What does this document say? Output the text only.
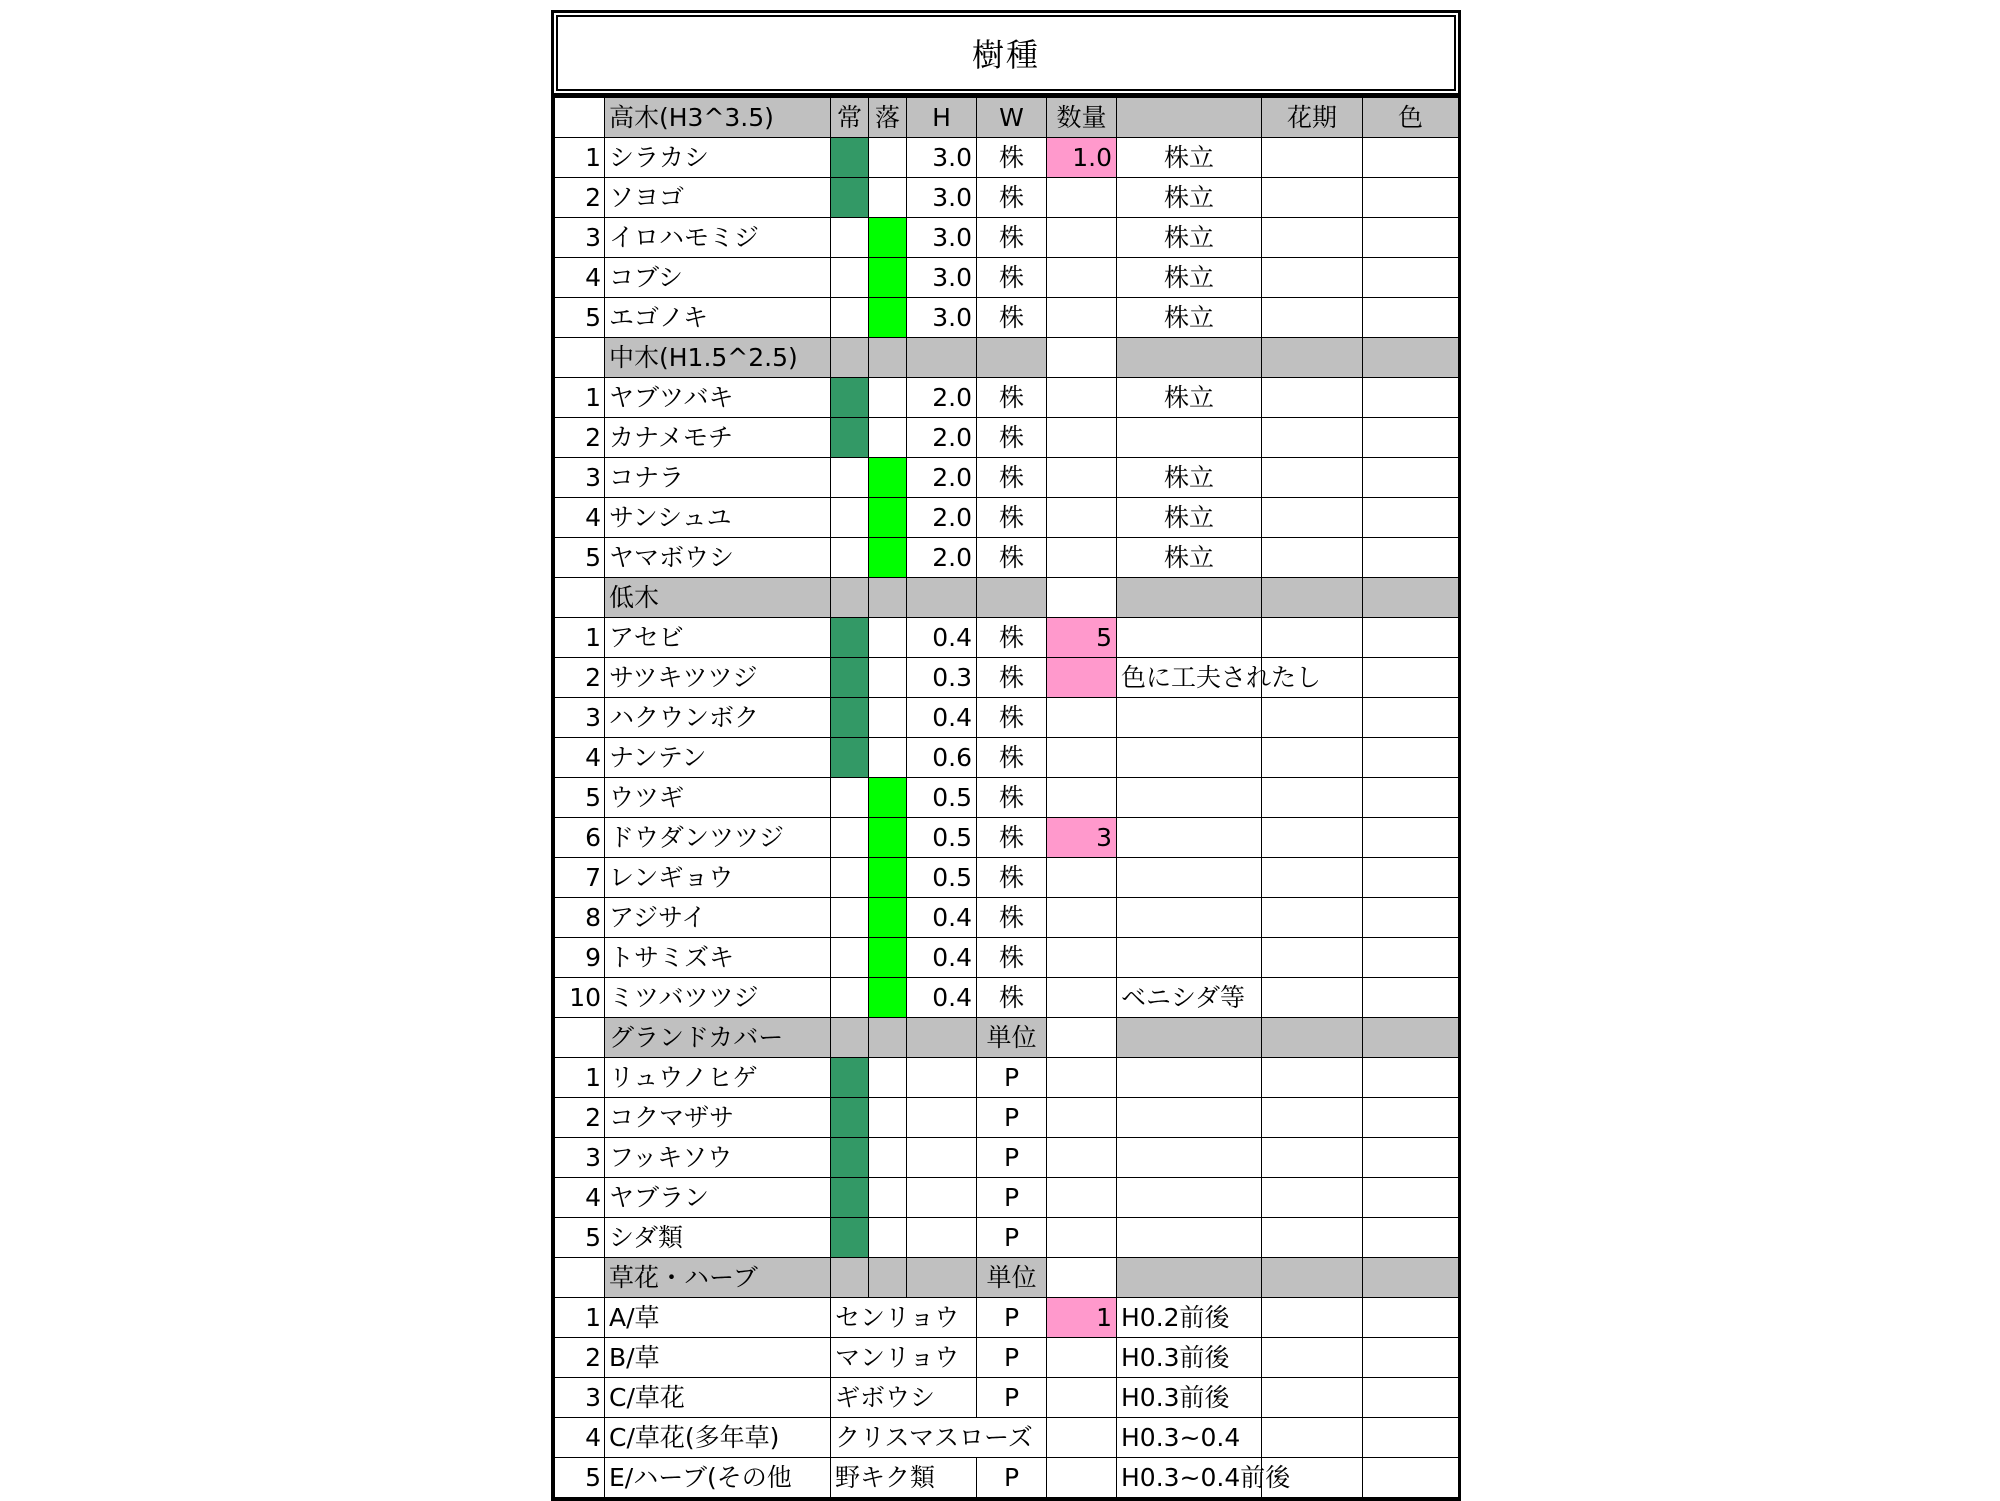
樹種
	高木(H3^3.5)	常	落	H	W	数量		花期	色
1	シラカシ			3.0	株	1.0	株立		
2	ソヨゴ			3.0	株		株立		
3	イロハモミジ			3.0	株		株立		
4	コブシ			3.0	株		株立		
5	エゴノキ			3.0	株		株立		
	中木(H1.5^2.5)								
1	ヤブツバキ			2.0	株		株立		
2	カナメモチ			2.0	株				
3	コナラ			2.0	株		株立		
4	サンシュユ			2.0	株		株立		
5	ヤマボウシ			2.0	株		株立		
	低木								
1	アセビ			0.4	株	5			
2	サツキツツジ			0.3	株		色に工夫されたし		
3	ハクウンボク			0.4	株				
4	ナンテン			0.6	株				
5	ウツギ			0.5	株				
6	ドウダンツツジ			0.5	株	3			
7	レンギョウ			0.5	株				
8	アジサイ			0.4	株				
9	トサミズキ			0.4	株				
10	ミツバツツジ			0.4	株		ベニシダ等		
	グランドカバー				単位				
1	リュウノヒゲ				P				
2	コクマザサ				P				
3	フッキソウ				P				
4	ヤブラン				P				
5	シダ類				P				
	草花・ハーブ				単位				
1	A/草	センリョウ			P	1	H0.2前後		
2	B/草	マンリョウ			P		H0.3前後		
3	C/草花	ギボウシ			P		H0.3前後		
4	C/草花(多年草)	クリスマスローズ					H0.3~0.4		
5	E/ハーブ(その他	野キク類			P		H0.3~0.4前後		
